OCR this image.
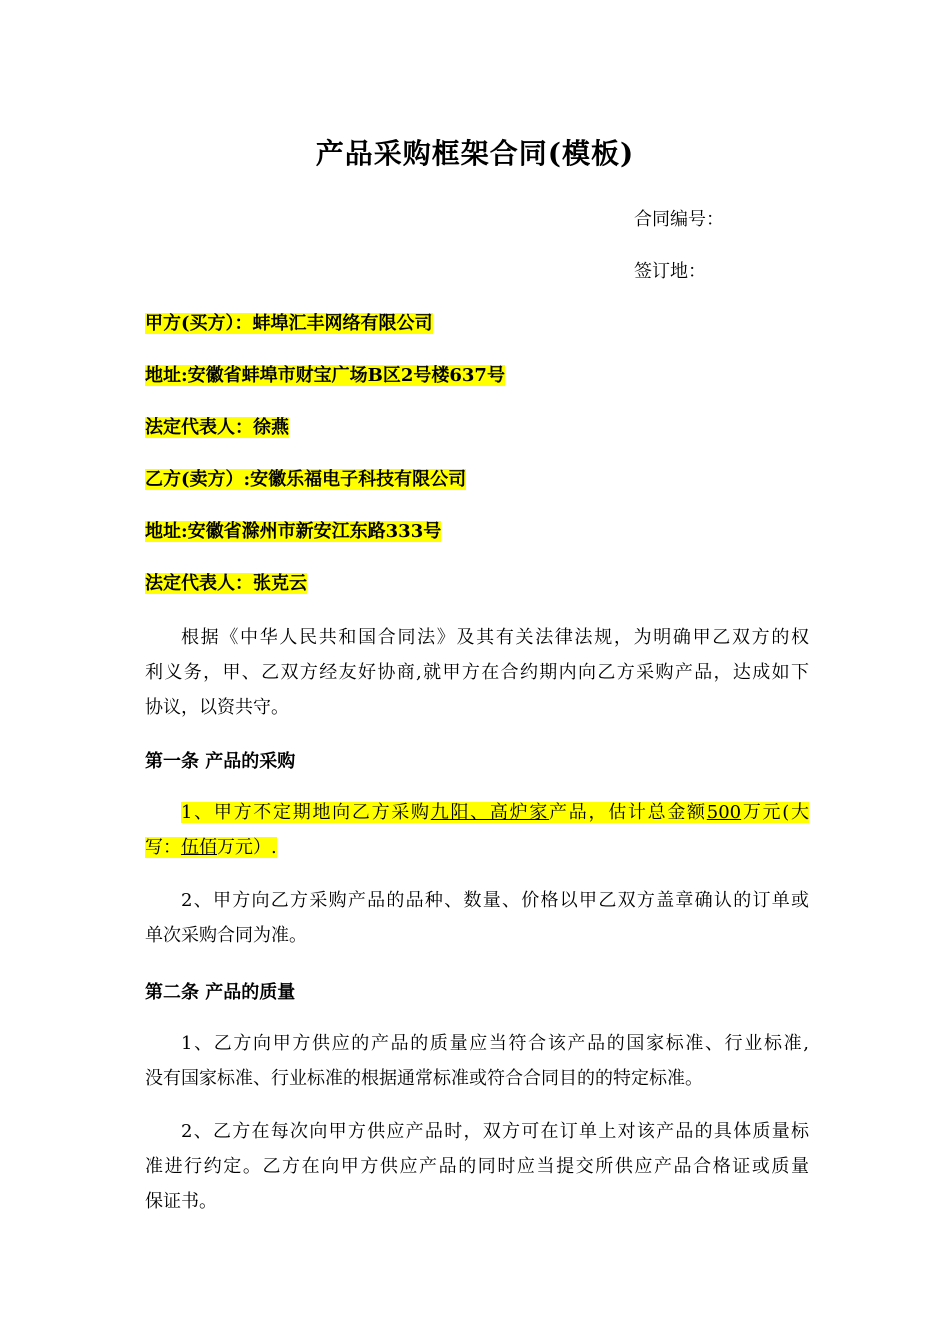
产品采购框架合同(模板)
合同编号：
签订地：
甲方(买方）：蚌埠汇丰网络有限公司
地址:安徽省蚌埠市财宝广场B区2号楼637号
法定代表人：徐燕
乙方(卖方）:安徽乐福电子科技有限公司
地址:安徽省滁州市新安江东路333号
法定代表人：张克云
根据《中华人民共和国合同法》及其有关法律法规，为明确甲乙双方的权
利义务，甲、乙双方经友好协商,就甲方在合约期内向乙方采购产品，达成如下
协议，以资共守。
第一条 产品的采购
1、甲方不定期地向乙方采购九阳、高炉家产品，估计总金额500万元(大
写：伍佰万元）.
2、甲方向乙方采购产品的品种、数量、价格以甲乙双方盖章确认的订单或
单次采购合同为准。
第二条 产品的质量
1、乙方向甲方供应的产品的质量应当符合该产品的国家标准、行业标准,
没有国家标准、行业标准的根据通常标准或符合合同目的的特定标准。
2、乙方在每次向甲方供应产品时，双方可在订单上对该产品的具体质量标
准进行约定。乙方在向甲方供应产品的同时应当提交所供应产品合格证或质量
保证书。
